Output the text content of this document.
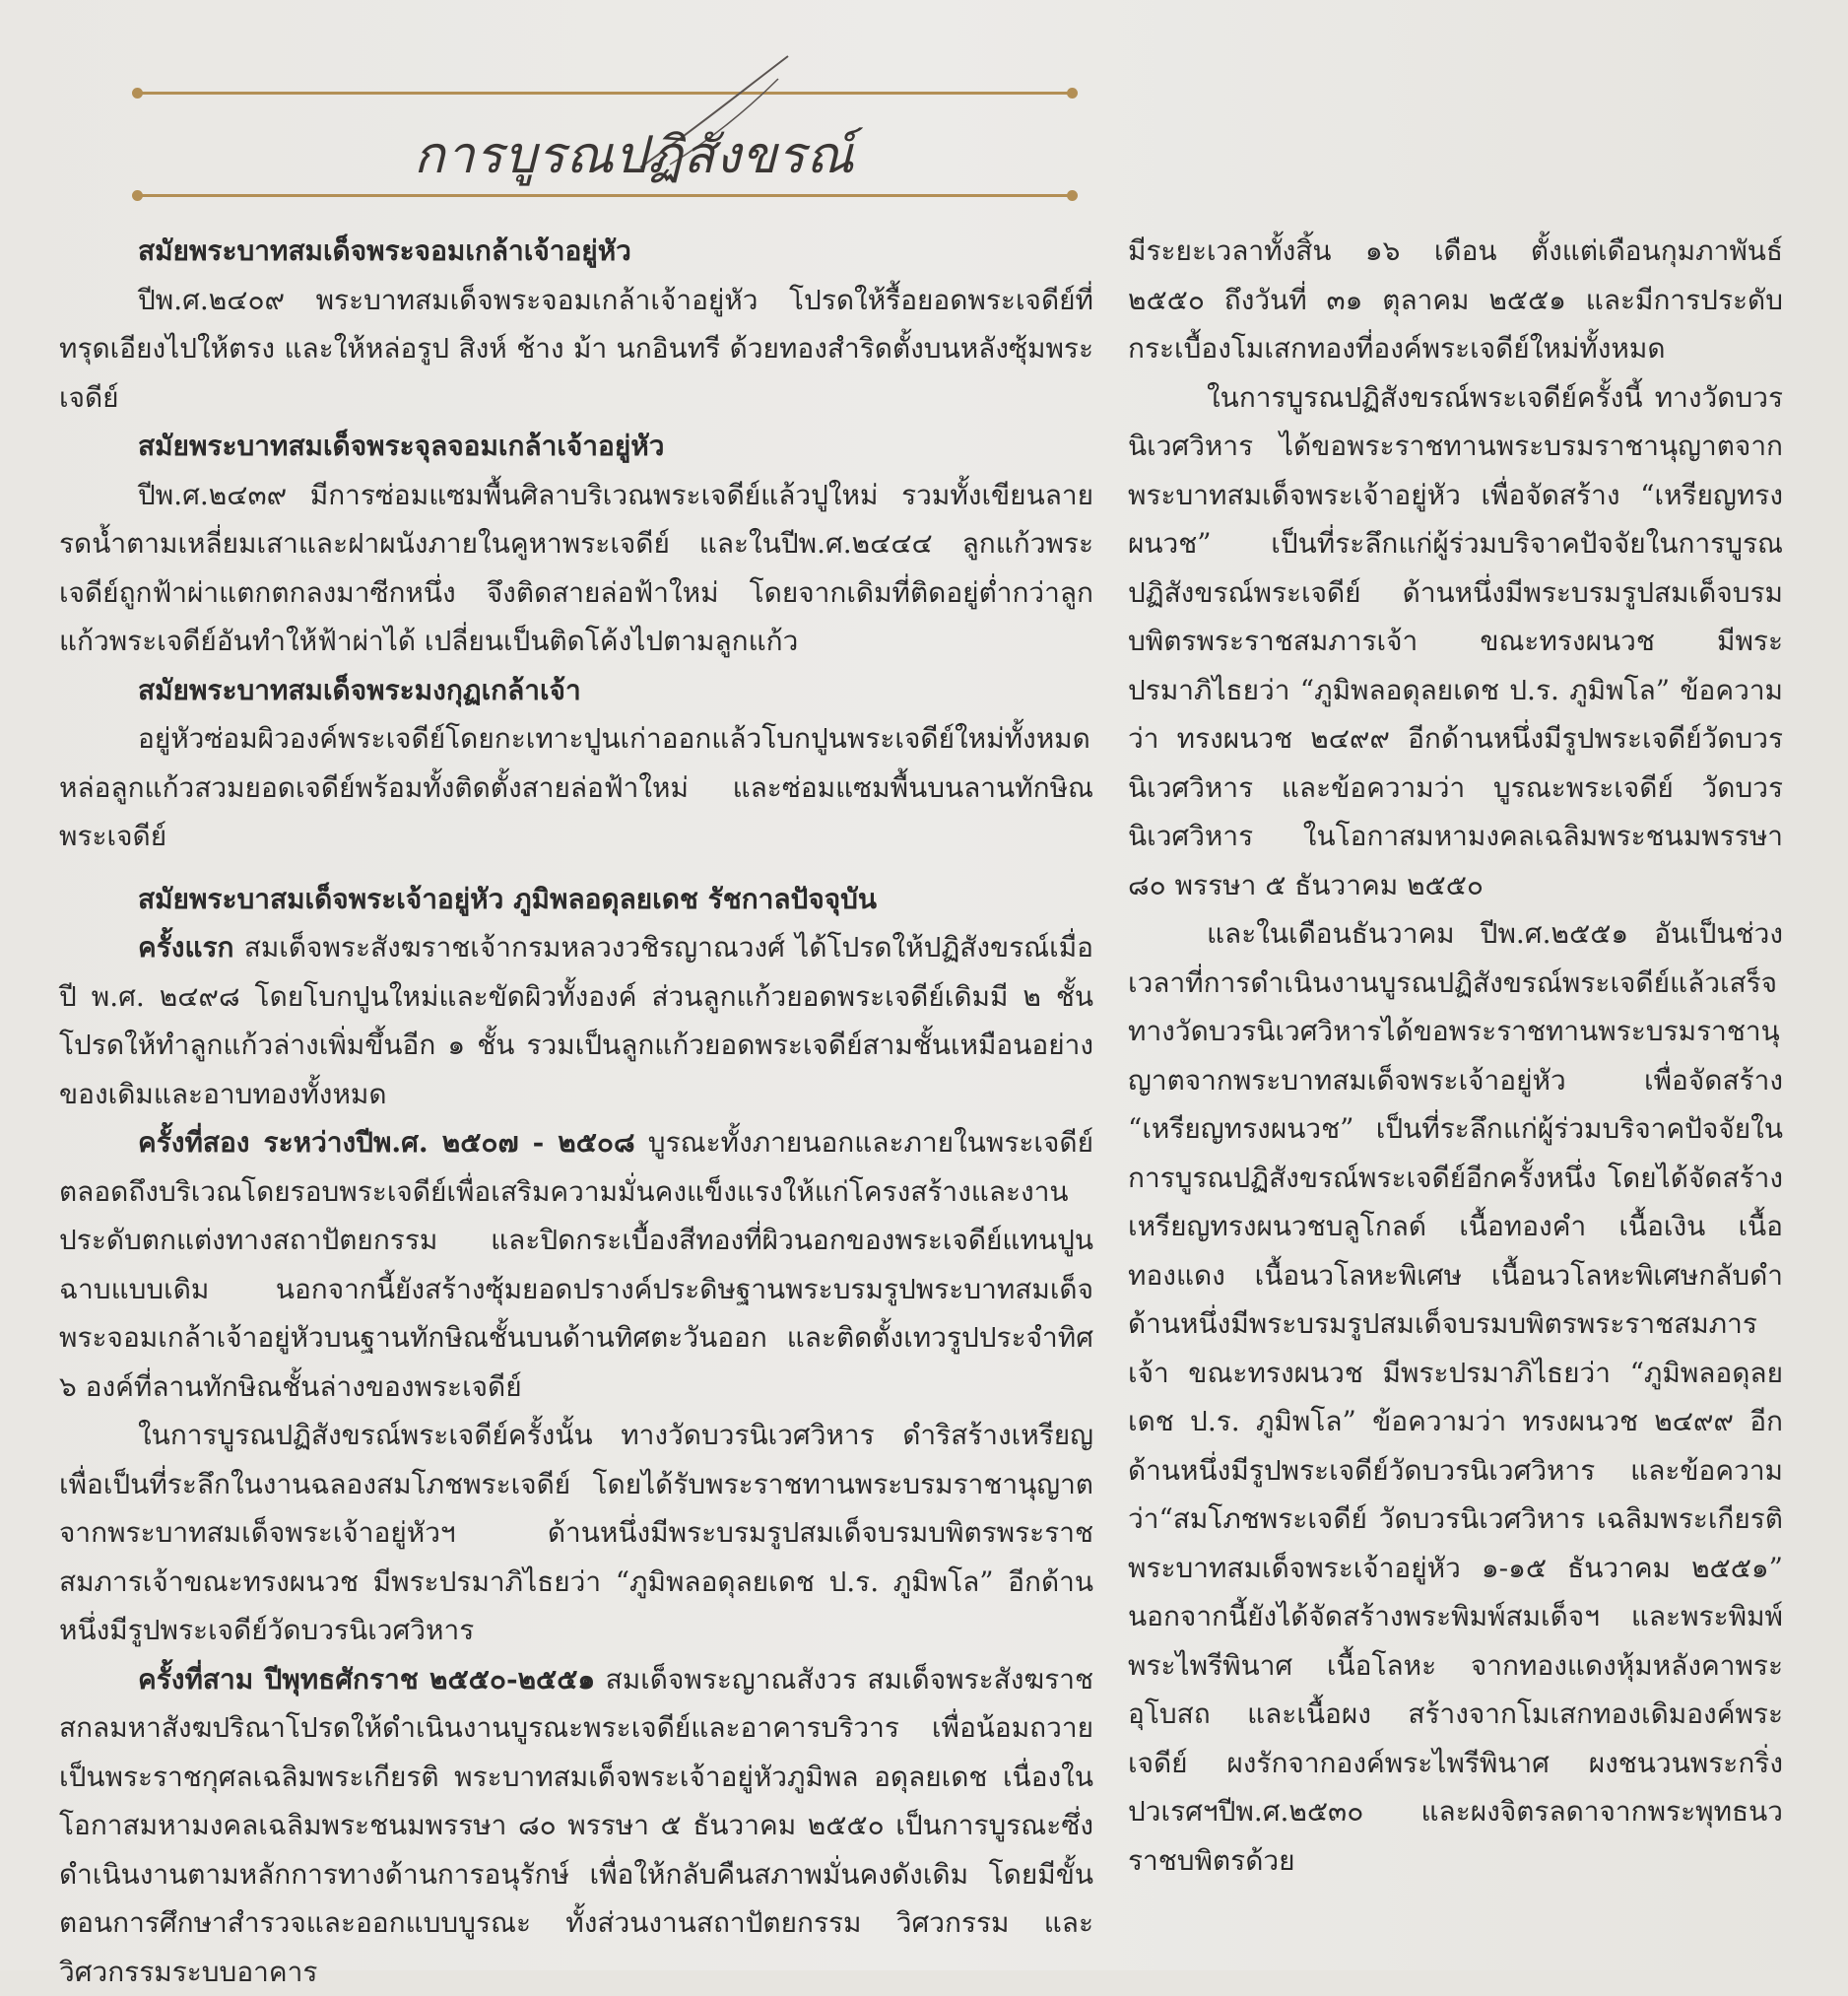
การบูรณปฏิสังขรณ์

สมัยพระบาทสมเด็จพระจอมเกล้าเจ้าอยู่หัว

ปีพ.ศ.๒๔๐๙ พระบาทสมเด็จพระจอมเกล้าเจ้าอยู่หัว โปรดให้รื้อยอดพระเจดีย์ที่ทรุดเอียงไปให้ตรง และให้หล่อรูป สิงห์ ช้าง ม้า นกอินทรี ด้วยทองสำริดตั้งบนหลังซุ้มพระเจดีย์

สมัยพระบาทสมเด็จพระจุลจอมเกล้าเจ้าอยู่หัว

ปีพ.ศ.๒๔๓๙ มีการซ่อมแซมพื้นศิลาบริเวณพระเจดีย์แล้วปูใหม่ รวมทั้งเขียนลายรดน้ำตามเหลี่ยมเสาและฝาผนังภายในคูหาพระเจดีย์ และในปีพ.ศ.๒๔๔๔ ลูกแก้วพระเจดีย์ถูกฟ้าผ่าแตกตกลงมาซีกหนึ่ง จึงติดสายล่อฟ้าใหม่ โดยจากเดิมที่ติดอยู่ต่ำกว่าลูกแก้วพระเจดีย์อันทำให้ฟ้าผ่าได้ เปลี่ยนเป็นติดโค้งไปตามลูกแก้ว

สมัยพระบาทสมเด็จพระมงกุฏเกล้าเจ้า

อยู่หัวซ่อมผิวองค์พระเจดีย์โดยกะเทาะปูนเก่าออกแล้วโบกปูนพระเจดีย์ใหม่ทั้งหมด หล่อลูกแก้วสวมยอดเจดีย์พร้อมทั้งติดตั้งสายล่อฟ้าใหม่ และซ่อมแซมพื้นบนลานทักษิณพระเจดีย์

สมัยพระบาสมเด็จพระเจ้าอยู่หัว ภูมิพลอดุลยเดช รัชกาลปัจจุบัน

ครั้งแรก สมเด็จพระสังฆราชเจ้ากรมหลวงวชิรญาณวงศ์ ได้โปรดให้ปฏิสังขรณ์เมื่อปี พ.ศ. ๒๔๙๘ โดยโบกปูนใหม่และขัดผิวทั้งองค์ ส่วนลูกแก้วยอดพระเจดีย์เดิมมี ๒ ชั้น โปรดให้ทำลูกแก้วล่างเพิ่มขึ้นอีก ๑ ชั้น รวมเป็นลูกแก้วยอดพระเจดีย์สามชั้นเหมือนอย่างของเดิมและอาบทองทั้งหมด

ครั้งที่สอง ระหว่างปีพ.ศ. ๒๕๐๗ - ๒๕๐๘ บูรณะทั้งภายนอกและภายในพระเจดีย์ ตลอดถึงบริเวณโดยรอบพระเจดีย์เพื่อเสริมความมั่นคงแข็งแรงให้แก่โครงสร้างและงานประดับตกแต่งทางสถาปัตยกรรม และปิดกระเบื้องสีทองที่ผิวนอกของพระเจดีย์แทนปูนฉาบแบบเดิม นอกจากนี้ยังสร้างซุ้มยอดปรางค์ประดิษฐานพระบรมรูปพระบาทสมเด็จพระจอมเกล้าเจ้าอยู่หัวบนฐานทักษิณชั้นบนด้านทิศตะวันออก และติดตั้งเทวรูปประจำทิศ ๖ องค์ที่ลานทักษิณชั้นล่างของพระเจดีย์

ในการบูรณปฏิสังขรณ์พระเจดีย์ครั้งนั้น ทางวัดบวรนิเวศวิหาร ดำริสร้างเหรียญเพื่อเป็นที่ระลึกในงานฉลองสมโภชพระเจดีย์ โดยได้รับพระราชทานพระบรมราชานุญาตจากพระบาทสมเด็จพระเจ้าอยู่หัวฯ ด้านหนึ่งมีพระบรมรูปสมเด็จบรมบพิตรพระราชสมภารเจ้าขณะทรงผนวช มีพระปรมาภิไธยว่า “ภูมิพลอดุลยเดช ป.ร. ภูมิพโล” อีกด้านหนึ่งมีรูปพระเจดีย์วัดบวรนิเวศวิหาร

ครั้งที่สาม ปีพุทธศักราช ๒๕๕๐-๒๕๕๑ สมเด็จพระญาณสังวร สมเด็จพระสังฆราชสกลมหาสังฆปริณาโปรดให้ดำเนินงานบูรณะพระเจดีย์และอาคารบริวาร เพื่อน้อมถวายเป็นพระราชกุศลเฉลิมพระเกียรติ พระบาทสมเด็จพระเจ้าอยู่หัวภูมิพล อดุลยเดช เนื่องในโอกาสมหามงคลเฉลิมพระชนมพรรษา ๘๐ พรรษา ๕ ธันวาคม ๒๕๕๐ เป็นการบูรณะซึ่งดำเนินงานตามหลักการทางด้านการอนุรักษ์ เพื่อให้กลับคืนสภาพมั่นคงดังเดิม โดยมีขั้นตอนการศึกษาสำรวจและออกแบบบูรณะ ทั้งส่วนงานสถาปัตยกรรม วิศวกรรม และวิศวกรรมระบบอาคาร

มีระยะเวลาทั้งสิ้น ๑๖ เดือน ตั้งแต่เดือนกุมภาพันธ์ ๒๕๕๐ ถึงวันที่ ๓๑ ตุลาคม ๒๕๕๑ และมีการประดับกระเบื้องโมเสกทองที่องค์พระเจดีย์ใหม่ทั้งหมด

ในการบูรณปฏิสังขรณ์พระเจดีย์ครั้งนี้ ทางวัดบวรนิเวศวิหาร ได้ขอพระราชทานพระบรมราชานุญาตจากพระบาทสมเด็จพระเจ้าอยู่หัว เพื่อจัดสร้าง “เหรียญทรงผนวช” เป็นที่ระลึกแก่ผู้ร่วมบริจาคปัจจัยในการบูรณปฏิสังขรณ์พระเจดีย์ ด้านหนึ่งมีพระบรมรูปสมเด็จบรมบพิตรพระราชสมภารเจ้า ขณะทรงผนวช มีพระปรมาภิไธยว่า “ภูมิพลอดุลยเดช ป.ร. ภูมิพโล” ข้อความว่า ทรงผนวช ๒๔๙๙ อีกด้านหนึ่งมีรูปพระเจดีย์วัดบวรนิเวศวิหาร และข้อความว่า บูรณะพระเจดีย์ วัดบวรนิเวศวิหาร ในโอกาสมหามงคลเฉลิมพระชนมพรรษา ๘๐ พรรษา ๕ ธันวาคม ๒๕๕๐

และในเดือนธันวาคม ปีพ.ศ.๒๕๕๑ อันเป็นช่วงเวลาที่การดำเนินงานบูรณปฏิสังขรณ์พระเจดีย์แล้วเสร็จ ทางวัดบวรนิเวศวิหารได้ขอพระราชทานพระบรมราชานุญาตจากพระบาทสมเด็จพระเจ้าอยู่หัว เพื่อจัดสร้าง “เหรียญทรงผนวช” เป็นที่ระลึกแก่ผู้ร่วมบริจาคปัจจัยในการบูรณปฏิสังขรณ์พระเจดีย์อีกครั้งหนึ่ง โดยได้จัดสร้างเหรียญทรงผนวชบลูโกลด์ เนื้อทองคำ เนื้อเงิน เนื้อทองแดง เนื้อนวโลหะพิเศษ เนื้อนวโลหะพิเศษกลับดำ ด้านหนึ่งมีพระบรมรูปสมเด็จบรมบพิตรพระราชสมภารเจ้า ขณะทรงผนวช มีพระปรมาภิไธยว่า “ภูมิพลอดุลยเดช ป.ร. ภูมิพโล” ข้อความว่า ทรงผนวช ๒๔๙๙ อีกด้านหนึ่งมีรูปพระเจดีย์วัดบวรนิเวศวิหาร และข้อความว่า“สมโภชพระเจดีย์ วัดบวรนิเวศวิหาร เฉลิมพระเกียรติพระบาทสมเด็จพระเจ้าอยู่หัว ๑-๑๕ ธันวาคม ๒๕๕๑” นอกจากนี้ยังได้จัดสร้างพระพิมพ์สมเด็จฯ และพระพิมพ์พระไพรีพินาศ เนื้อโลหะ จากทองแดงหุ้มหลังคาพระอุโบสถ และเนื้อผง สร้างจากโมเสกทองเดิมองค์พระเจดีย์ ผงรักจากองค์พระไพรีพินาศ ผงชนวนพระกริ่งปวเรศฯปีพ.ศ.๒๕๓๐ และผงจิตรลดาจากพระพุทธนวราชบพิตรด้วย
